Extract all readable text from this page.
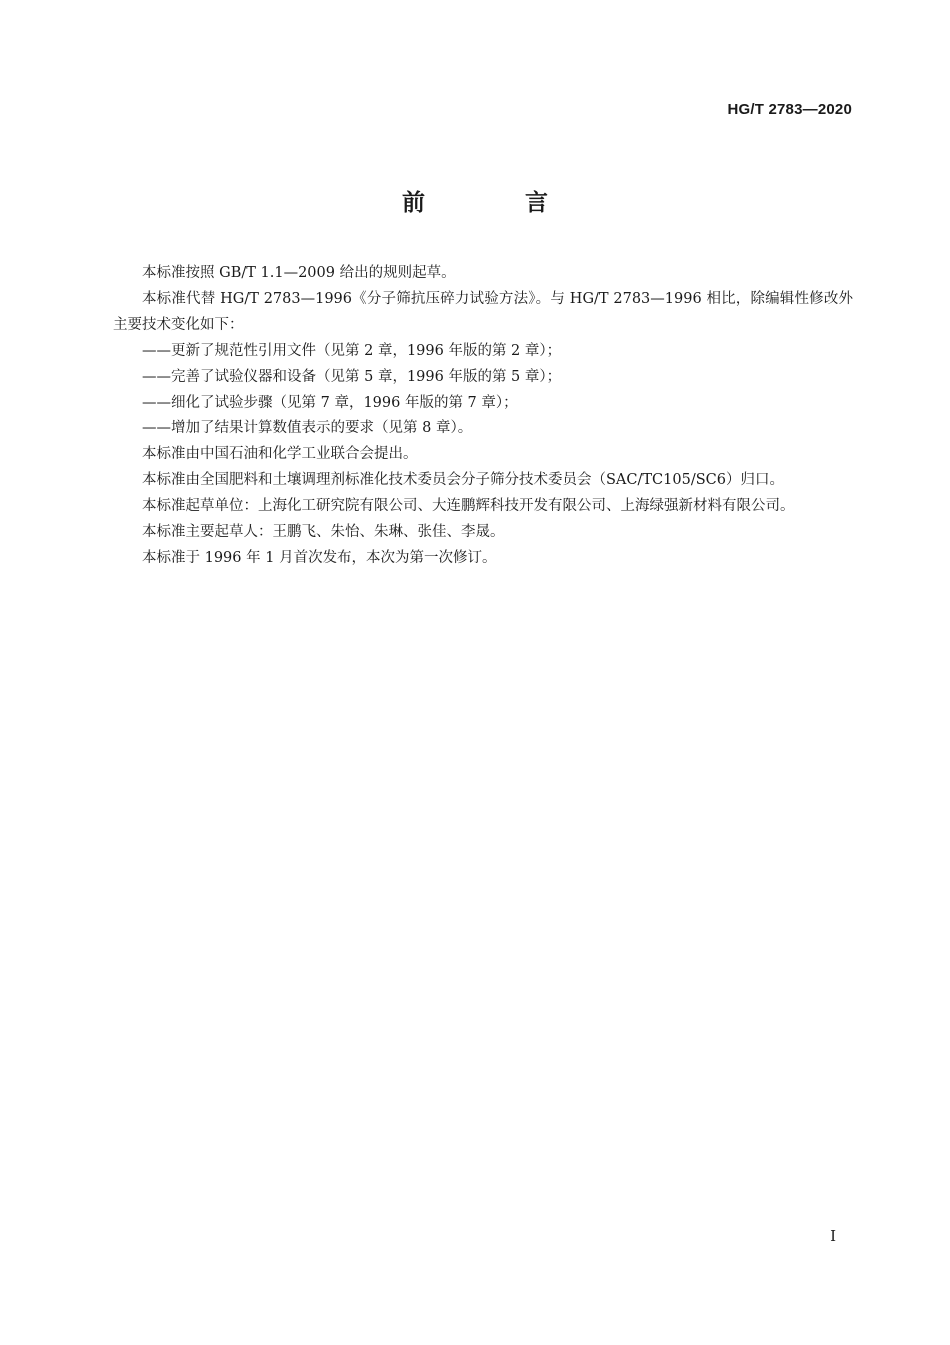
HG/T 2783—2020
前 言

本标准按照 GB/T 1.1—2009 给出的规则起草。

本标准代替 HG/T 2783—1996《分子筛抗压碎力试验方法》。与 HG/T 2783—1996 相比，除编辑性修改外主要技术变化如下：

——更新了规范性引用文件（见第 2 章，1996 年版的第 2 章）；

——完善了试验仪器和设备（见第 5 章，1996 年版的第 5 章）；

——细化了试验步骤（见第 7 章，1996 年版的第 7 章）；

——增加了结果计算数值表示的要求（见第 8 章）。

本标准由中国石油和化学工业联合会提出。

本标准由全国肥料和土壤调理剂标准化技术委员会分子筛分技术委员会（SAC/TC105/SC6）归口。

本标准起草单位：上海化工研究院有限公司、大连鹏辉科技开发有限公司、上海绿强新材料有限公司。

本标准主要起草人：王鹏飞、朱怡、朱琳、张佳、李晟。

本标准于 1996 年 1 月首次发布，本次为第一次修订。

I
